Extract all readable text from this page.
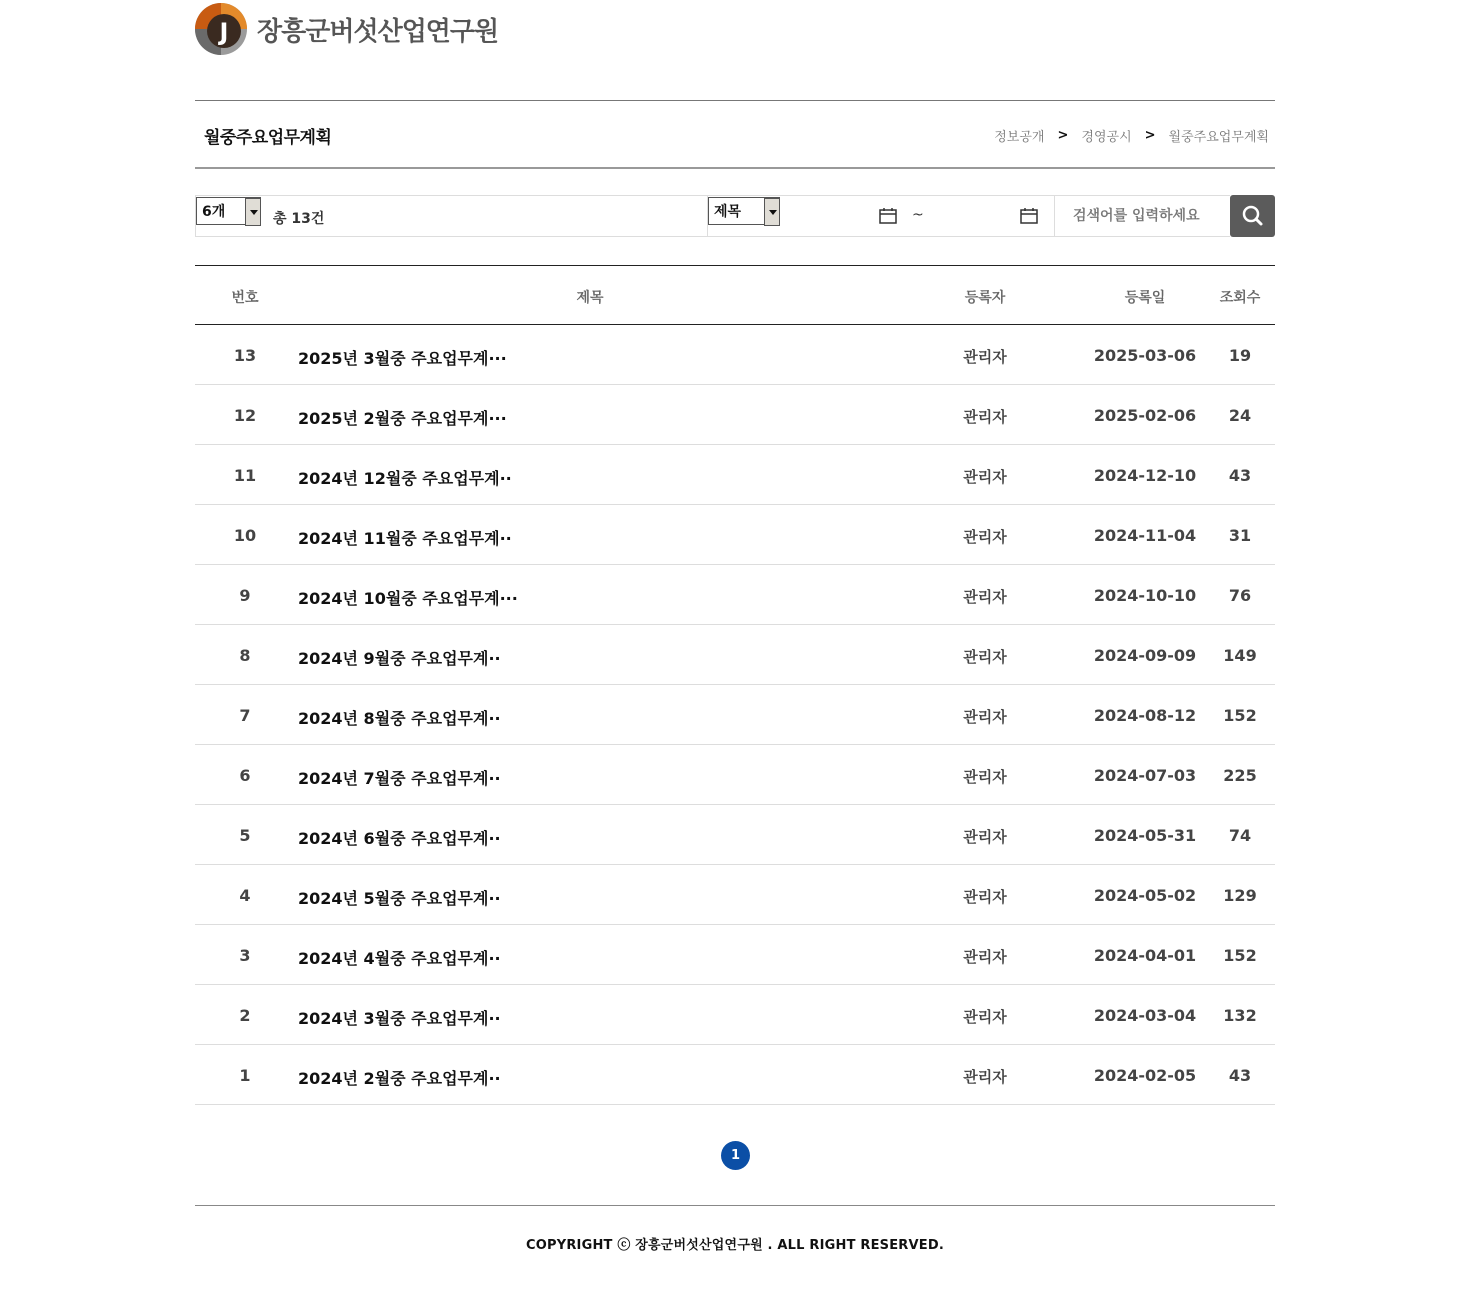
J 장흥군버섯산업연구원
월중주요업무계획	정보공개 > 경영공시 > 월중주요업무계획
6개	총 13건	제목	~	검색어를 입력하세요
번호	제목	등록자	등록일	조회수
13	2025년 3월중 주요업무계···	관리자	2025-03-06	19
12	2025년 2월중 주요업무계···	관리자	2025-02-06	24
11	2024년 12월중 주요업무계··	관리자	2024-12-10	43
10	2024년 11월중 주요업무계··	관리자	2024-11-04	31
9	2024년 10월중 주요업무계···	관리자	2024-10-10	76
8	2024년 9월중 주요업무계··	관리자	2024-09-09	149
7	2024년 8월중 주요업무계··	관리자	2024-08-12	152
6	2024년 7월중 주요업무계··	관리자	2024-07-03	225
5	2024년 6월중 주요업무계··	관리자	2024-05-31	74
4	2024년 5월중 주요업무계··	관리자	2024-05-02	129
3	2024년 4월중 주요업무계··	관리자	2024-04-01	152
2	2024년 3월중 주요업무계··	관리자	2024-03-04	132
1	2024년 2월중 주요업무계··	관리자	2024-02-05	43
1
COPYRIGHT ⓒ 장흥군버섯산업연구원 . ALL RIGHT RESERVED.
